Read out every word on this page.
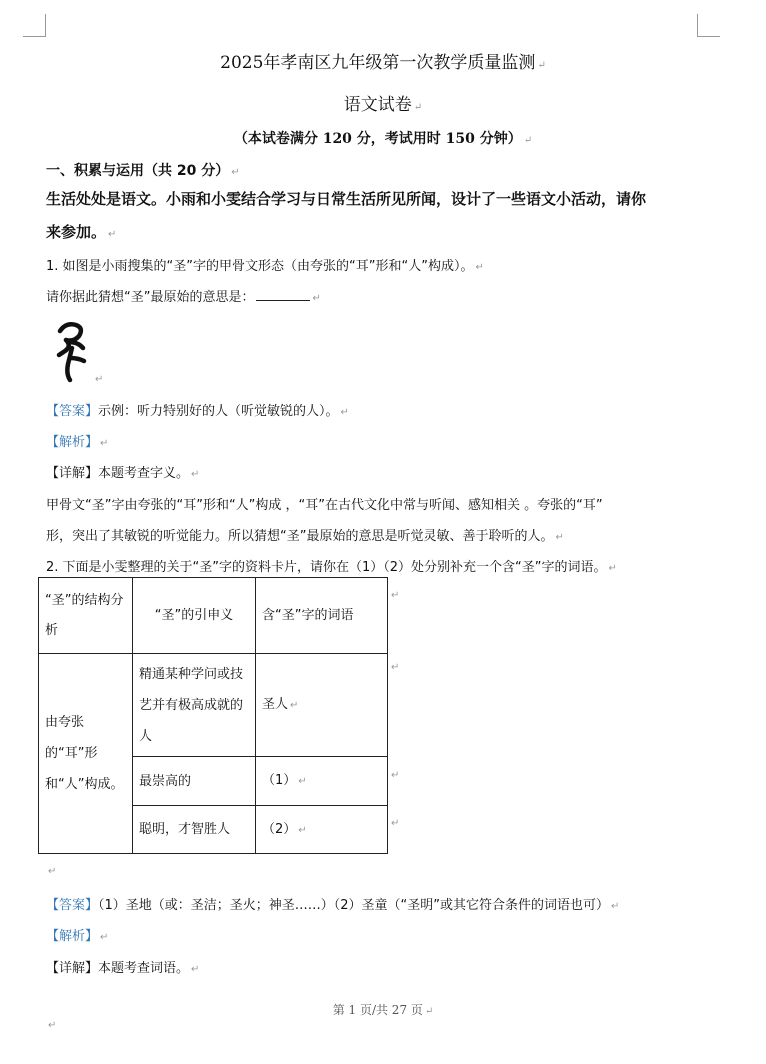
2025年孝南区九年级第一次教学质量监测 ↵
语文试卷 ↵
（本试卷满分 120 分，考试用时 150 分钟） ↵
一、积累与运用（共 20 分） ↵
生活处处是语文。小雨和小雯结合学习与日常生活所见所闻，设计了一些语文小活动，请你
来参加。 ↵
1. 如图是小雨搜集的“圣”字的甲骨文形态（由夸张的“耳”形和“人”构成）。 ↵
请你据此猜想“圣”最原始的意思是：	↵
↵
【答案】示例：听力特别好的人（听觉敏锐的人）。 ↵
【解析】 ↵
【详解】本题考查字义。 ↵
甲骨文“圣”字由夸张的“耳”形和“人”构成 ，“耳”在古代文化中常与听闻、感知相关 。夸张的“耳”
形，突出了其敏锐的听觉能力。所以猜想“圣”最原始的意思是听觉灵敏、善于聆听的人。 ↵
2. 下面是小雯整理的关于“圣”字的资料卡片，请你在（1）（2）处分别补充一个含“圣”字的词语。 ↵
“圣”的结构分析	“圣”的引申义	含“圣”字的词语
由夸张的“耳”形和“人”构成。	精通某种学问或技艺并有极高成就的人	圣人 ↵
	最崇高的	（1） ↵
	聪明，才智胜人	（2） ↵
↵
↵
↵
↵
↵
【答案】（1）圣地（或：圣洁；圣火；神圣……）（2）圣童（“圣明”或其它符合条件的词语也可） ↵
【解析】 ↵
【详解】本题考查词语。 ↵
第 1 页/共 27 页 ↵
↵
